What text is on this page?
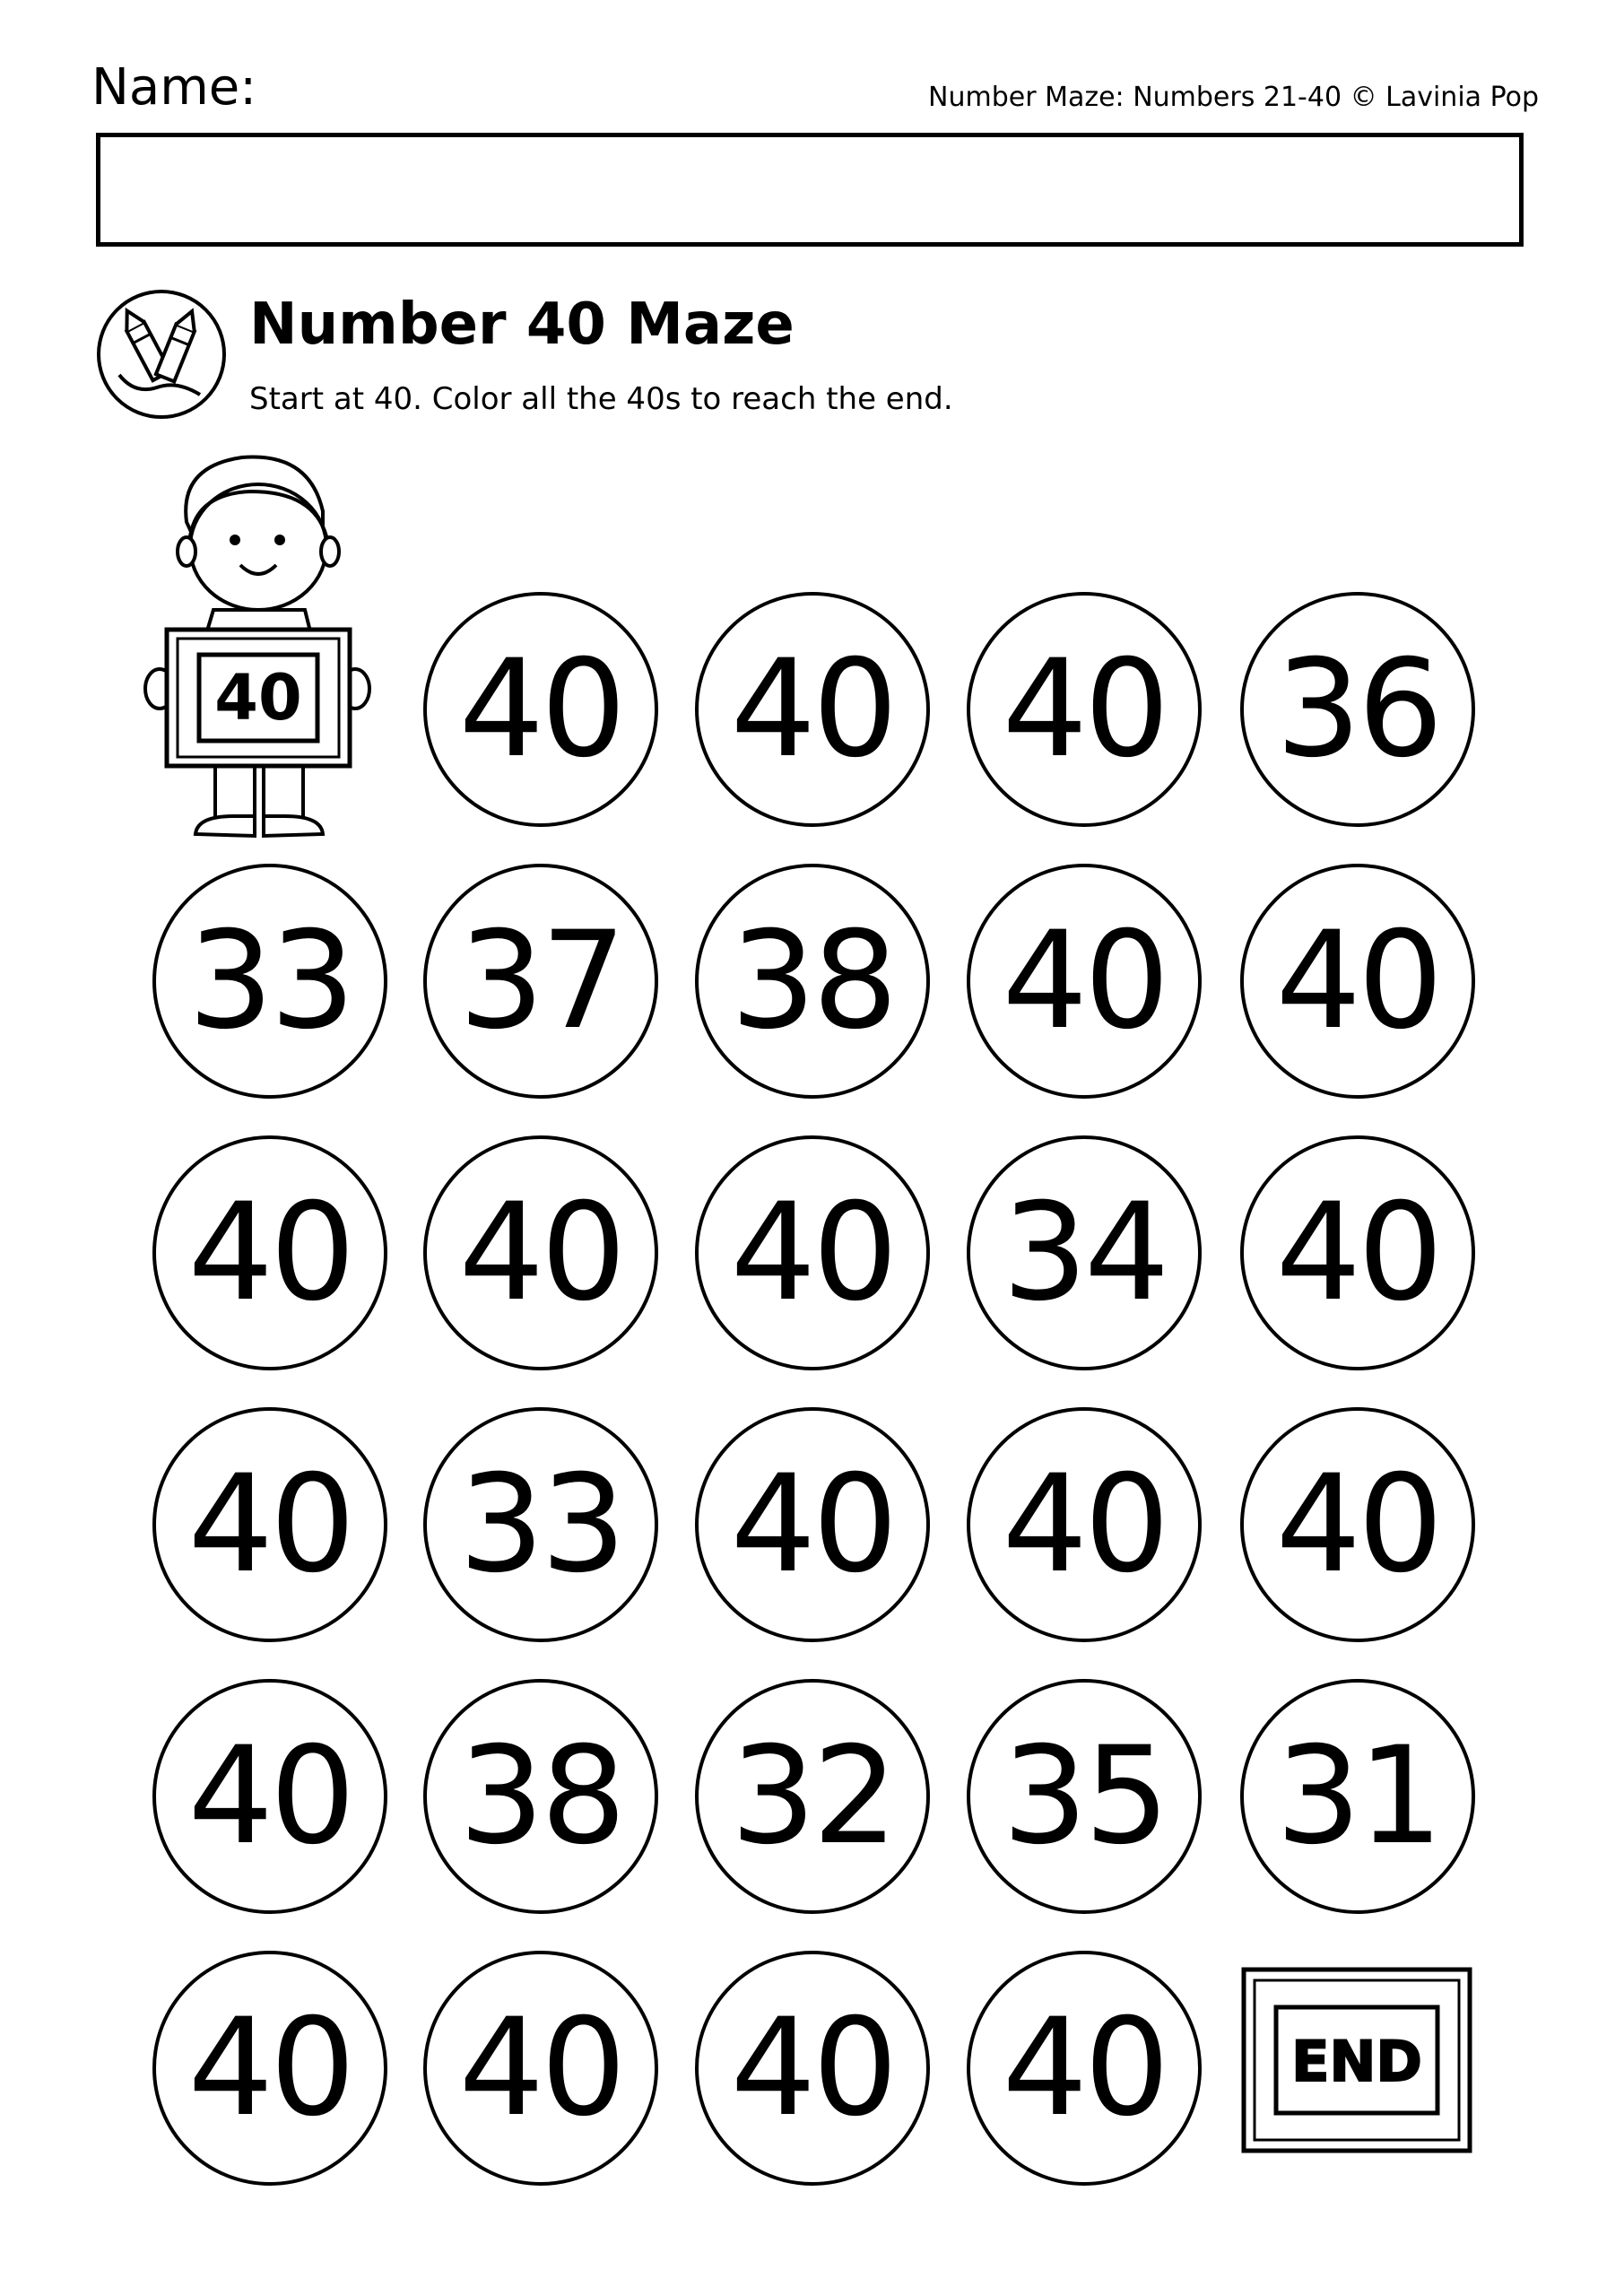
Name:	Number Maze: Numbers 21-40 © Lavinia Pop
Number 40 Maze
Start at 40. Color all the 40s to reach the end.
40 40 40 40 36
33 37 38 40 40
40 40 40 34 40
40 33 40 40 40
40 38 32 35 31
40 40 40 40	END
